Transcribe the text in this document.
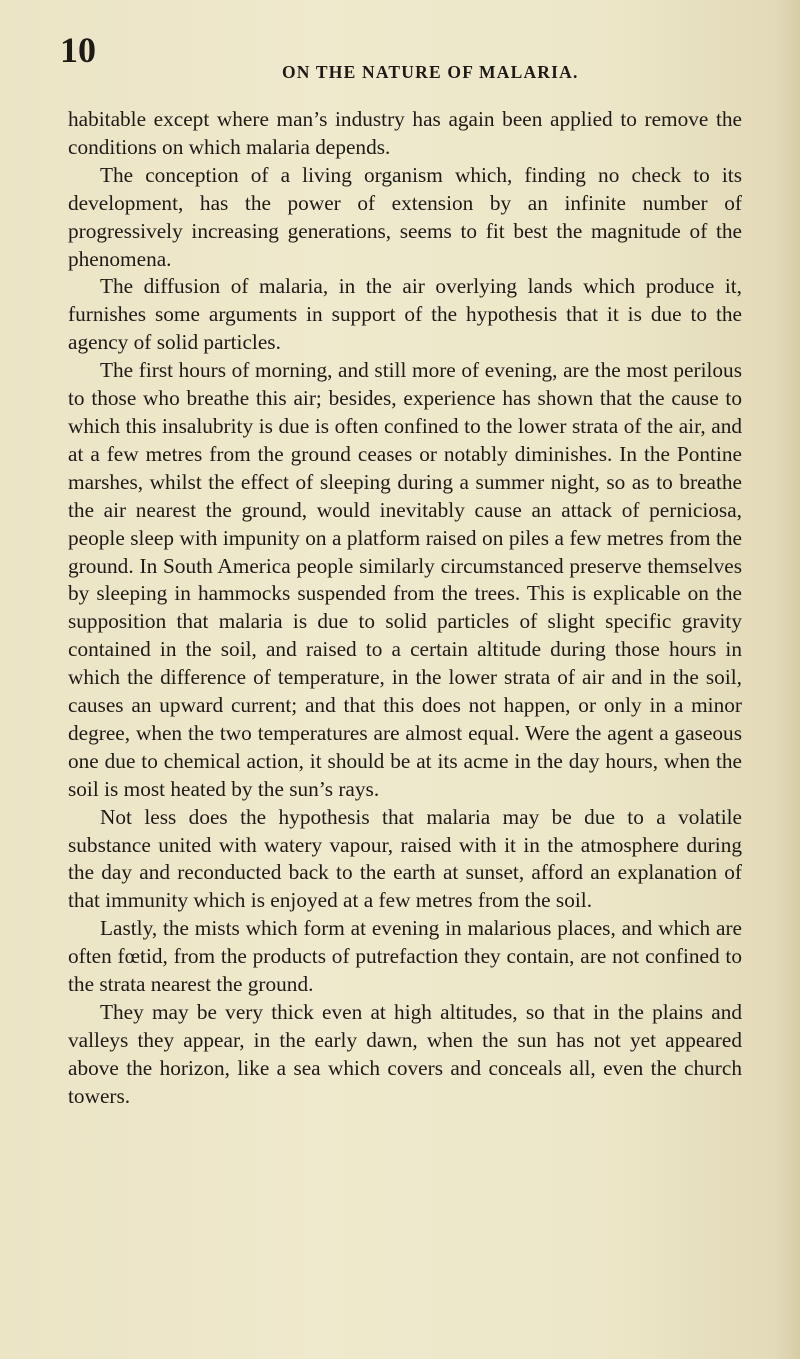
10
ON THE NATURE OF MALARIA.

habitable except where man’s industry has again been applied to remove the conditions on which malaria depends.

The conception of a living organism which, finding no check to its development, has the power of extension by an infinite number of progressively increasing generations, seems to fit best the magnitude of the phenomena.

The diffusion of malaria, in the air overlying lands which produce it, furnishes some arguments in support of the hypothesis that it is due to the agency of solid particles.

The first hours of morning, and still more of evening, are the most perilous to those who breathe this air; besides, experience has shown that the cause to which this insalubrity is due is often confined to the lower strata of the air, and at a few metres from the ground ceases or notably diminishes. In the Pontine marshes, whilst the effect of sleeping during a summer night, so as to breathe the air nearest the ground, would inevitably cause an attack of perniciosa, people sleep with impunity on a platform raised on piles a few metres from the ground. In South America people similarly circumstanced preserve themselves by sleeping in hammocks suspended from the trees. This is explicable on the supposition that malaria is due to solid particles of slight specific gravity contained in the soil, and raised to a certain altitude during those hours in which the difference of temperature, in the lower strata of air and in the soil, causes an upward current; and that this does not happen, or only in a minor degree, when the two temperatures are almost equal. Were the agent a gaseous one due to chemical action, it should be at its acme in the day hours, when the soil is most heated by the sun’s rays.

Not less does the hypothesis that malaria may be due to a volatile substance united with watery vapour, raised with it in the atmosphere during the day and reconducted back to the earth at sunset, afford an explanation of that immunity which is enjoyed at a few metres from the soil.

Lastly, the mists which form at evening in malarious places, and which are often fœtid, from the products of putrefaction they contain, are not confined to the strata nearest the ground.

They may be very thick even at high altitudes, so that in the plains and valleys they appear, in the early dawn, when the sun has not yet appeared above the horizon, like a sea which covers and conceals all, even the church towers.
